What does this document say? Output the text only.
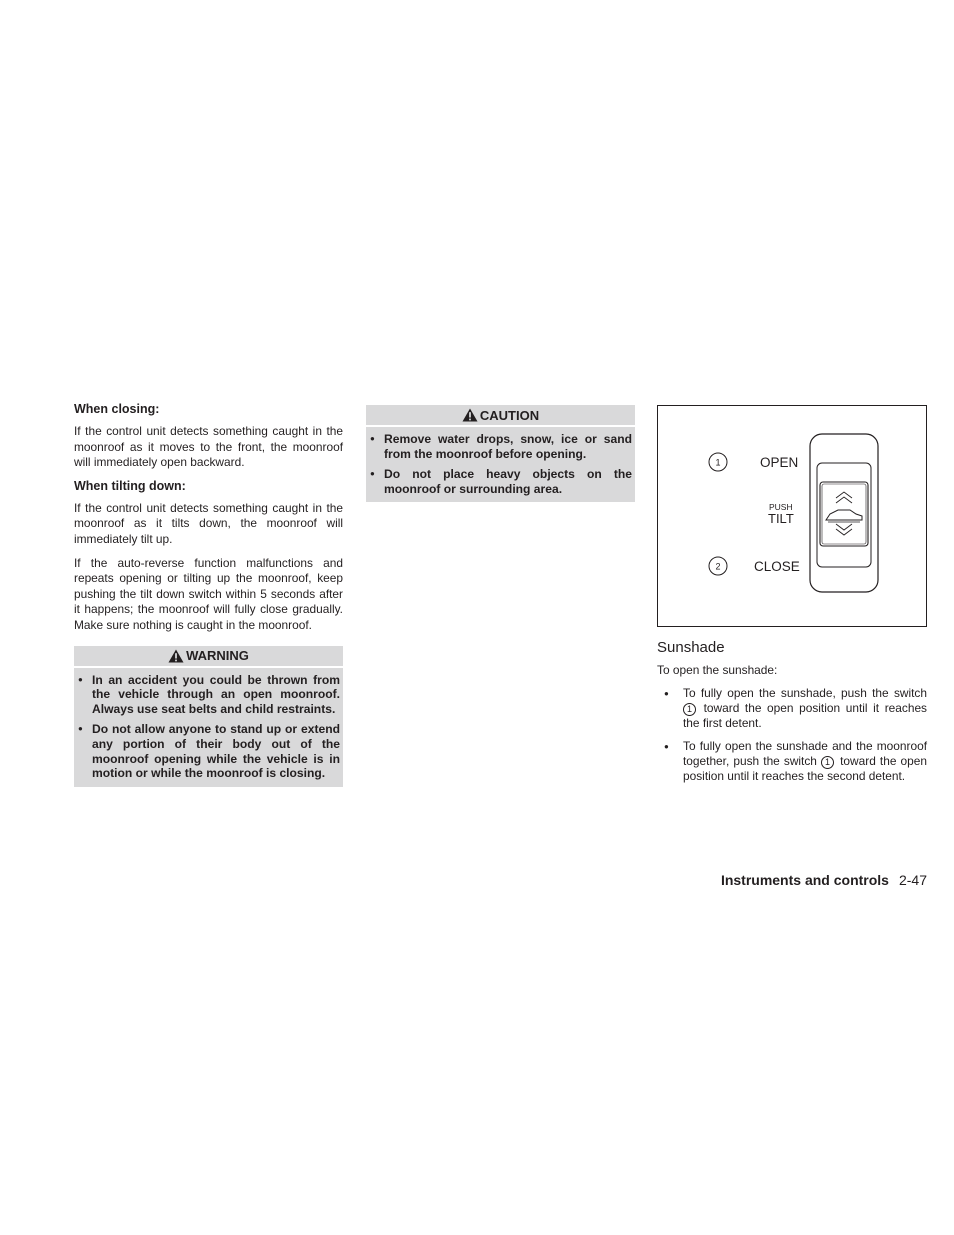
When closing:

If the control unit detects something caught in the moonroof as it moves to the front, the moonroof will immediately open backward.

When tilting down:

If the control unit detects something caught in the moonroof as it tilts down, the moonroof will immediately tilt up.

If the auto-reverse function malfunctions and repeats opening or tilting up the moonroof, keep pushing the tilt down switch within 5 seconds after it happens; the moonroof will fully close gradually. Make sure nothing is caught in the moonroof.

WARNING
● In an accident you could be thrown from the vehicle through an open moonroof. Always use seat belts and child restraints.
● Do not allow anyone to stand up or extend any portion of their body out of the moonroof opening while the vehicle is in motion or while the moonroof is closing.
CAUTION
● Remove water drops, snow, ice or sand from the moonroof before opening.
● Do not place heavy objects on the moonroof or surrounding area.
1
2
OPEN
PUSH
TILT
CLOSE
Sunshade

To open the sunshade:

● To fully open the sunshade, push the switch 1 toward the open position until it reaches the first detent.
● To fully open the sunshade and the moonroof together, push the switch 1 toward the open position until it reaches the second detent.
Instruments and controls 2-47
